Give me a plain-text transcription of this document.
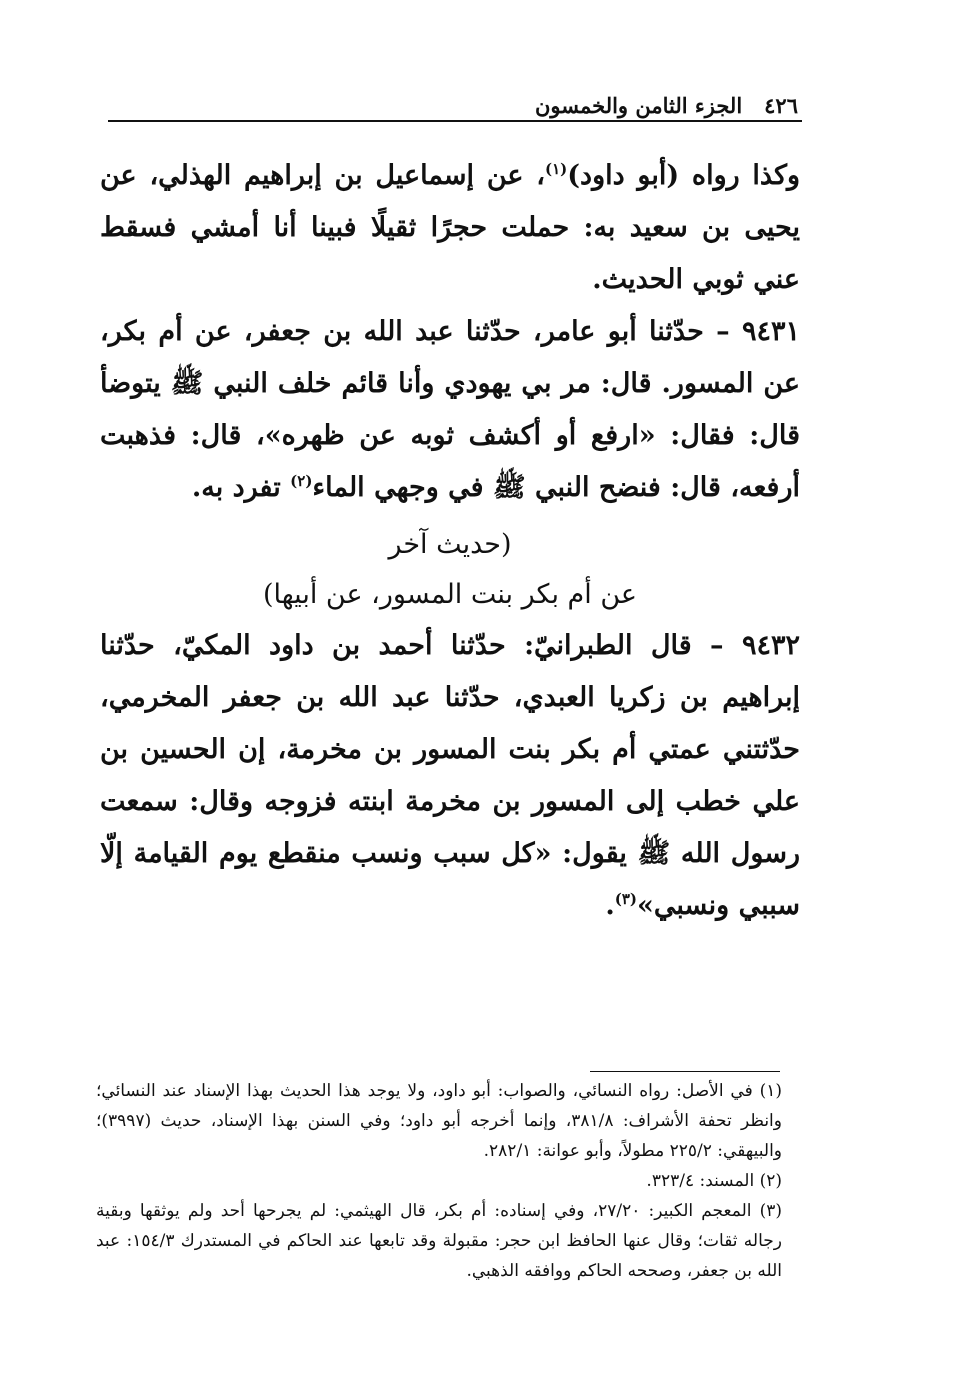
٤٢٦
الجزء الثامن والخمسون

وكذا رواه (أبو داود)$^{(١)}$، عن إسماعيل بن إبراهيم الهذلي، عن يحيى بن سعيد به: حملت حجرًا ثقيلًا فبينا أنا أمشي فسقط عني ثوبي الحديث.

٩٤٣١ – حدّثنا أبو عامر، حدّثنا عبد الله بن جعفر، عن أم بكر، عن المسور. قال: مر بي يهودي وأنا قائم خلف النبي ﷺ يتوضأ قال: فقال: «ارفع أو أكشف ثوبه عن ظهره»، قال: فذهبت أرفعه، قال: فنضح النبي ﷺ في وجهي الماء$^{(٢)}$ تفرد به.

(حديث آخر

عن أم بكر بنت المسور، عن أبيها)

٩٤٣٢ – قال الطبرانيّ: حدّثنا أحمد بن داود المكيّ، حدّثنا إبراهيم بن زكريا العبدي، حدّثنا عبد الله بن جعفر المخرمي، حدّثتني عمتي أم بكر بنت المسور بن مخرمة، إن الحسين بن علي خطب إلى المسور بن مخرمة ابنته فزوجه وقال: سمعت رسول الله ﷺ يقول: «كل سبب ونسب منقطع يوم القيامة إلّا سببي ونسبي»$^{(٣)}$.

(١) في الأصل: رواه النسائي، والصواب: أبو داود، ولا يوجد هذا الحديث بهذا الإسناد عند النسائي؛ وانظر تحفة الأشراف: ٣٨١/٨، وإنما أخرجه أبو داود؛ وفي السنن بهذا الإسناد، حديث (٣٩٩٧)؛ والبيهقي: ٢٢٥/٢ مطولاً، وأبو عوانة: ٢٨٢/١.

(٢) المسند: ٣٢٣/٤.

(٣) المعجم الكبير: ٢٧/٢٠، وفي إسناده: أم بكر، قال الهيثمي: لم يجرحها أحد ولم يوثقها وبقية رجاله ثقات؛ وقال عنها الحافظ ابن حجر: مقبولة وقد تابعها عند الحاكم في المستدرك ١٥٤/٣: عبد الله بن جعفر، وصححه الحاكم ووافقه الذهبي.
